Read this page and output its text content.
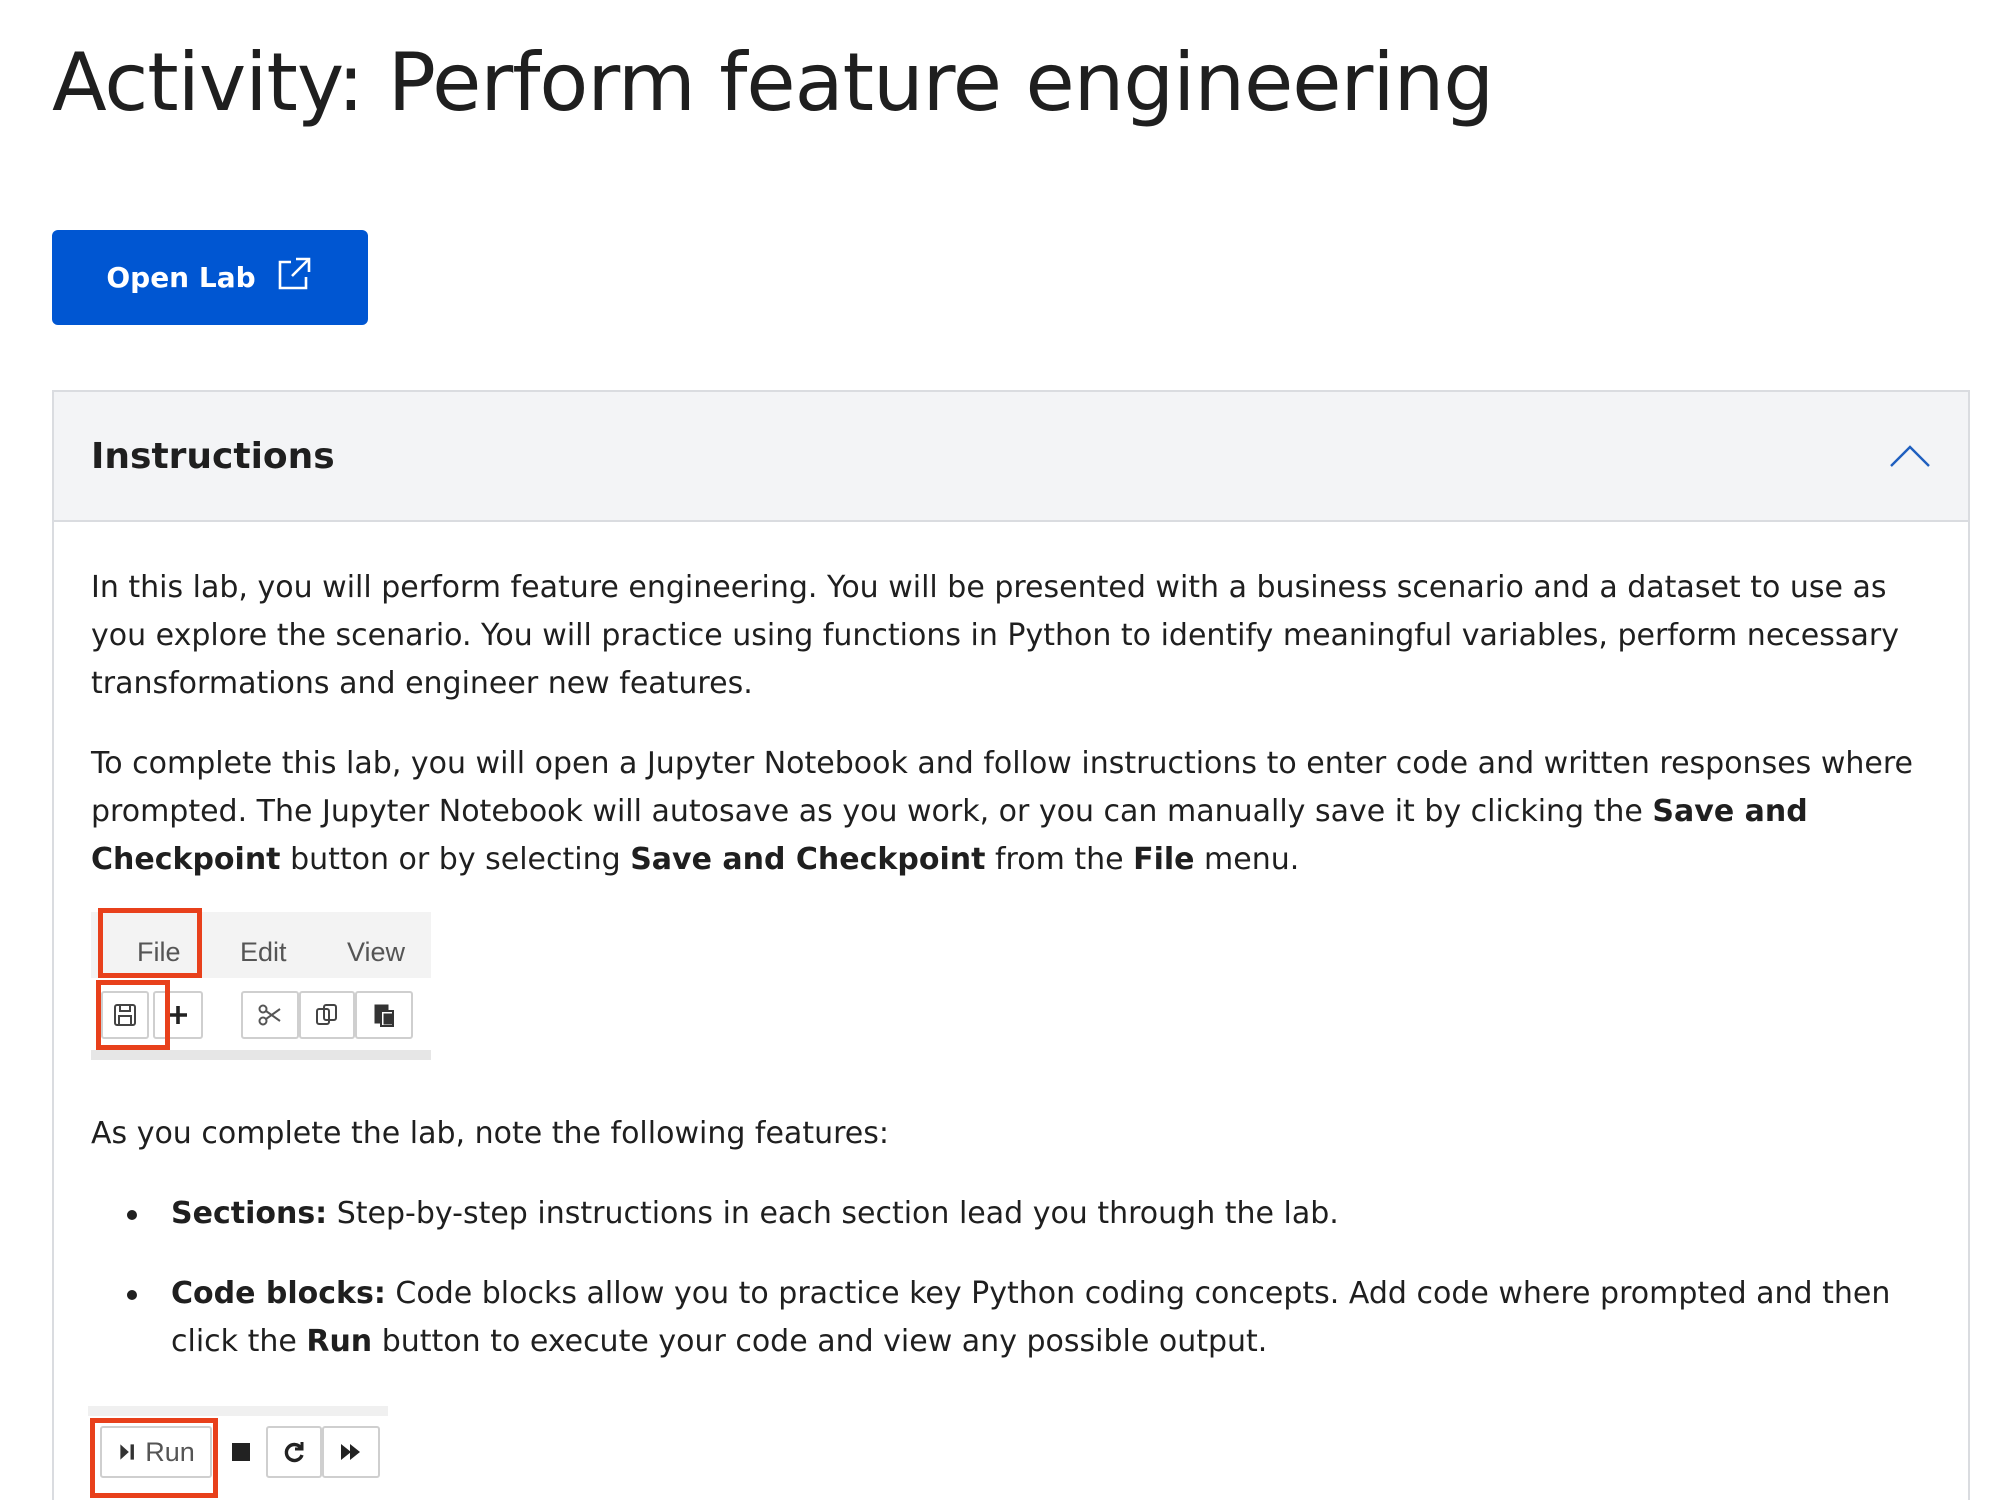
Activity: Perform feature engineering
Open Lab
Instructions

In this lab, you will perform feature engineering. You will be presented with a business scenario and a dataset to use as you explore the scenario. You will practice using functions in Python to identify meaningful variables, perform necessary transformations and engineer new features.

To complete this lab, you will open a Jupyter Notebook and follow instructions to enter code and written responses where prompted. The Jupyter Notebook will autosave as you work, or you can manually save it by clicking the Save and Checkpoint button or by selecting Save and Checkpoint from the File menu.

File Edit View

As you complete the lab, note the following features:

Sections: Step-by-step instructions in each section lead you through the lab.
Code blocks: Code blocks allow you to practice key Python coding concepts. Add code where prompted and then click the Run button to execute your code and view any possible output.
Run
